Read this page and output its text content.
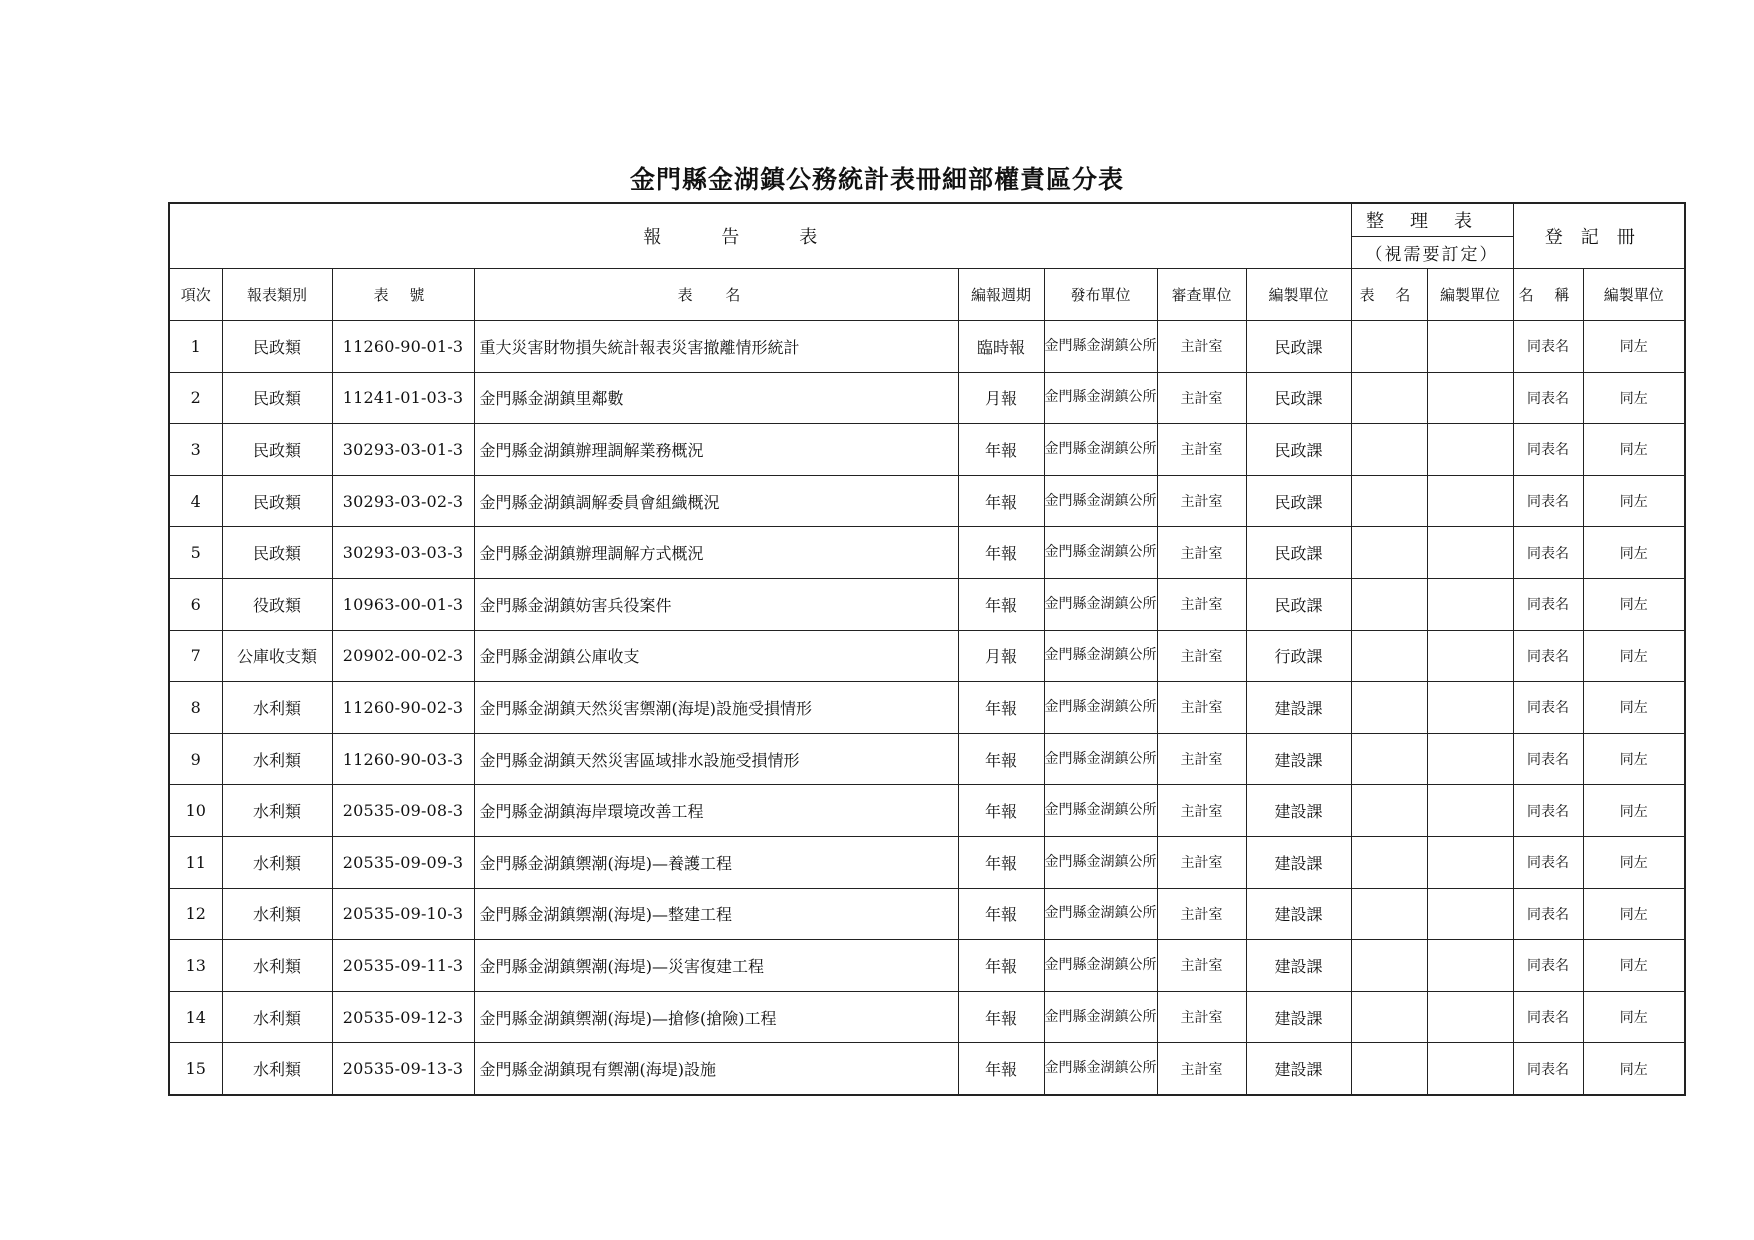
金門縣金湖鎮公務統計表冊細部權責區分表
報告表								整理表		登記冊	
								（視需要訂定）			
項次	報表類別	表 號	表 名	編報週期	發布單位	審查單位	編製單位	表 名	編製單位	名 稱	編製單位
1	民政類	11260-90-01-3	重大災害財物損失統計報表災害撤離情形統計	臨時報	金門縣金湖鎮公所	主計室	民政課			同表名	同左
2	民政類	11241-01-03-3	金門縣金湖鎮里鄰數	月報	金門縣金湖鎮公所	主計室	民政課			同表名	同左
3	民政類	30293-03-01-3	金門縣金湖鎮辦理調解業務概況	年報	金門縣金湖鎮公所	主計室	民政課			同表名	同左
4	民政類	30293-03-02-3	金門縣金湖鎮調解委員會組織概況	年報	金門縣金湖鎮公所	主計室	民政課			同表名	同左
5	民政類	30293-03-03-3	金門縣金湖鎮辦理調解方式概況	年報	金門縣金湖鎮公所	主計室	民政課			同表名	同左
6	役政類	10963-00-01-3	金門縣金湖鎮妨害兵役案件	年報	金門縣金湖鎮公所	主計室	民政課			同表名	同左
7	公庫收支類	20902-00-02-3	金門縣金湖鎮公庫收支	月報	金門縣金湖鎮公所	主計室	行政課			同表名	同左
8	水利類	11260-90-02-3	金門縣金湖鎮天然災害禦潮(海堤)設施受損情形	年報	金門縣金湖鎮公所	主計室	建設課			同表名	同左
9	水利類	11260-90-03-3	金門縣金湖鎮天然災害區域排水設施受損情形	年報	金門縣金湖鎮公所	主計室	建設課			同表名	同左
10	水利類	20535-09-08-3	金門縣金湖鎮海岸環境改善工程	年報	金門縣金湖鎮公所	主計室	建設課			同表名	同左
11	水利類	20535-09-09-3	金門縣金湖鎮禦潮(海堤)—養護工程	年報	金門縣金湖鎮公所	主計室	建設課			同表名	同左
12	水利類	20535-09-10-3	金門縣金湖鎮禦潮(海堤)—整建工程	年報	金門縣金湖鎮公所	主計室	建設課			同表名	同左
13	水利類	20535-09-11-3	金門縣金湖鎮禦潮(海堤)—災害復建工程	年報	金門縣金湖鎮公所	主計室	建設課			同表名	同左
14	水利類	20535-09-12-3	金門縣金湖鎮禦潮(海堤)—搶修(搶險)工程	年報	金門縣金湖鎮公所	主計室	建設課			同表名	同左
15	水利類	20535-09-13-3	金門縣金湖鎮現有禦潮(海堤)設施	年報	金門縣金湖鎮公所	主計室	建設課			同表名	同左
